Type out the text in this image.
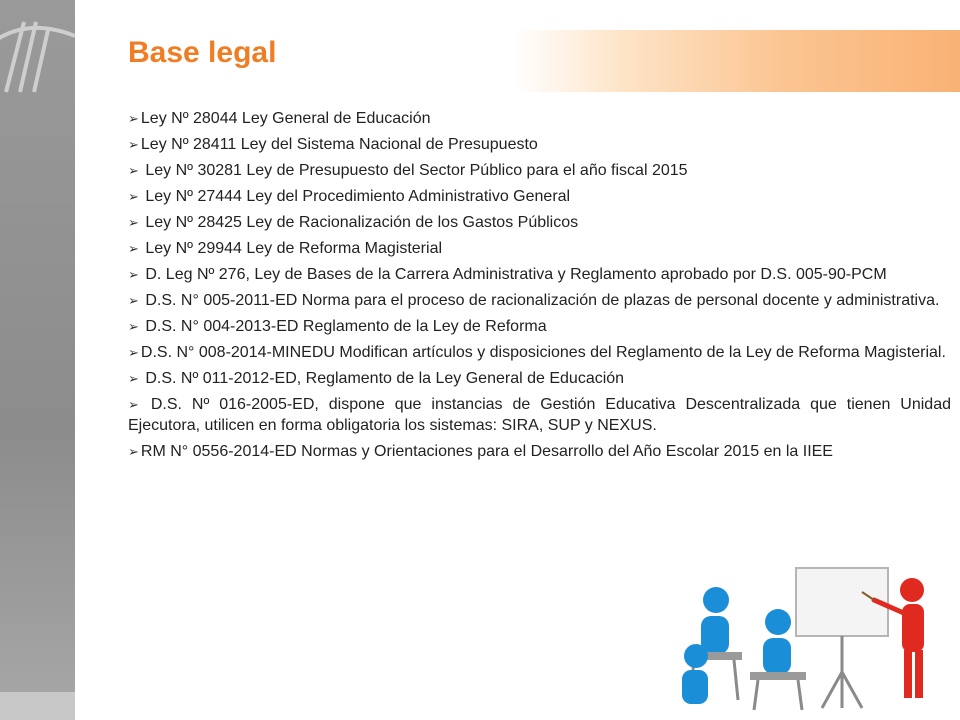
Base legal
➢ Ley Nº 28044 Ley General de Educación
➢ Ley Nº 28411 Ley del Sistema Nacional de Presupuesto
➢ Ley Nº 30281 Ley de Presupuesto del Sector Público para el año fiscal 2015
➢ Ley Nº 27444 Ley del Procedimiento Administrativo General
➢ Ley Nº 28425 Ley de Racionalización de los Gastos Públicos
➢ Ley Nº 29944 Ley de Reforma Magisterial
➢ D. Leg Nº 276, Ley de Bases de la Carrera Administrativa y Reglamento aprobado por D.S. 005-90-PCM
➢ D.S. N° 005-2011-ED Norma para el proceso de racionalización de plazas de personal docente y administrativa.
➢ D.S. N° 004-2013-ED Reglamento de la Ley de Reforma
➢ D.S. N° 008-2014-MINEDU Modifican artículos y disposiciones del Reglamento de la Ley de Reforma Magisterial.
➢ D.S. Nº 011-2012-ED, Reglamento de la Ley General de Educación
➢ D.S. Nº 016-2005-ED, dispone que instancias de Gestión Educativa Descentralizada que tienen Unidad Ejecutora, utilicen en forma obligatoria los sistemas: SIRA, SUP y NEXUS.
➢ RM N° 0556-2014-ED Normas y Orientaciones para el Desarrollo del Año Escolar 2015 en la IIEE
